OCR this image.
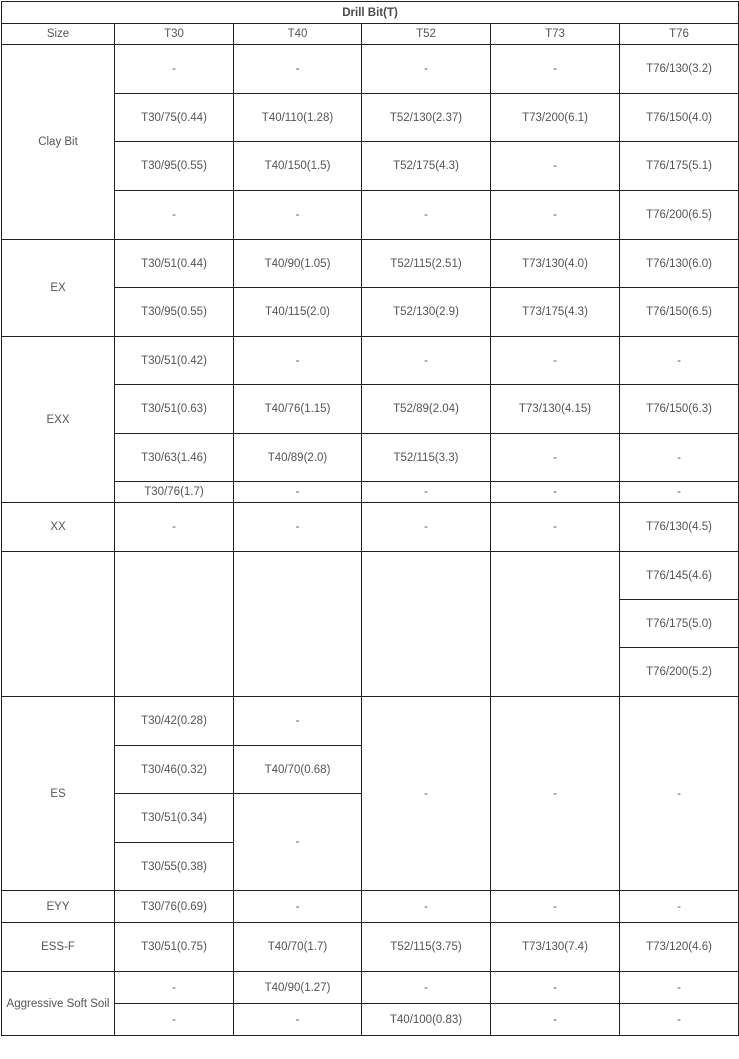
Drill Bit(T)					
Size	T30	T40	T52	T73	T76
Clay Bit	-	-	-	-	T76/130(3.2)
	T30/75(0.44)	T40/110(1.28)	T52/130(2.37)	T73/200(6.1)	T76/150(4.0)
	T30/95(0.55)	T40/150(1.5)	T52/175(4.3)	-	T76/175(5.1)
	-	-	-	-	T76/200(6.5)
EX	T30/51(0.44)	T40/90(1.05)	T52/115(2.51)	T73/130(4.0)	T76/130(6.0)
	T30/95(0.55)	T40/115(2.0)	T52/130(2.9)	T73/175(4.3)	T76/150(6.5)
EXX	T30/51(0.42)	-	-	-	-
	T30/51(0.63)	T40/76(1.15)	T52/89(2.04)	T73/130(4.15)	T76/150(6.3)
	T30/63(1.46)	T40/89(2.0)	T52/115(3.3)	-	-
	T30/76(1.7)	-	-	-	-
XX	-	-	-	-	T76/130(4.5)
					T76/145(4.6)
					T76/175(5.0)
					T76/200(5.2)
ES	T30/42(0.28)	-	-	-	-
	T30/46(0.32)	T40/70(0.68)			
	T30/51(0.34)	-			
	T30/55(0.38)				
EYY	T30/76(0.69)	-	-	-	-
ESS-F	T30/51(0.75)	T40/70(1.7)	T52/115(3.75)	T73/130(7.4)	T73/120(4.6)
Aggressive Soft Soil	-	T40/90(1.27)	-	-	-
	-	-	T40/100(0.83)	-	-
